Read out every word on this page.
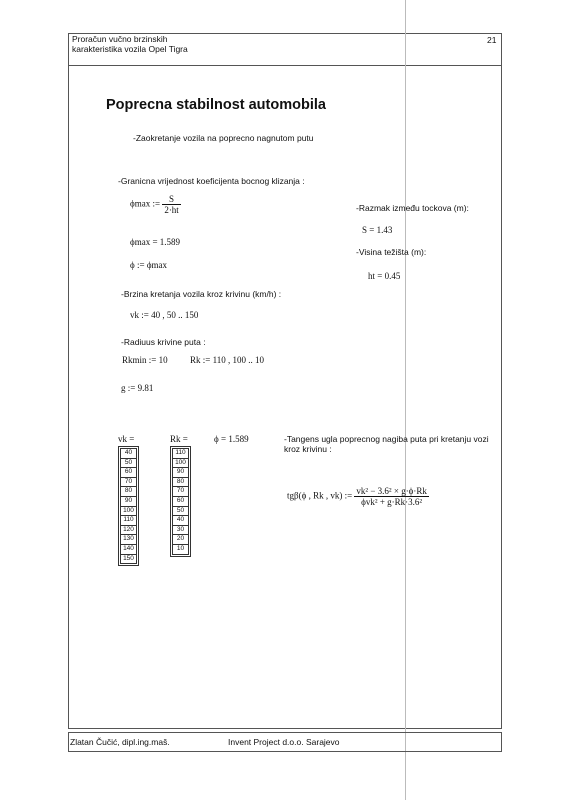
Proračun vučno brzinskih
karakteristika vozila Opel Tigra
21
Poprecna stabilnost automobila
-Zaokretanje vozila na poprecno nagnutom putu
-Granicna vrijednost koeficijenta bocnog klizanja :
ϕmax := $\frac{S}{2\cdot ht}$
ϕmax = 1.589
ϕ := ϕmax
-Razmak između tockova (m):
S = 1.43
-Visina težišta (m):
ht = 0.45
-Brzina kretanja vozila kroz krivinu (km/h) :
vk := 40 , 50 .. 150
-Radiuus krivine puta :
Rkmin := 10 Rk := 110 , 100 .. 10
g := 9.81
vk =
40
50
60
70
80
90
100
110
120
130
140
150
Rk =
110
100
90
80
70
60
50
40
30
20
10
ϕ = 1.589	-Tangens ugla poprecnog nagiba puta pri kretanju vozi
kroz krivinu :
tgβ(ϕ , Rk , vk) := $\frac{\text{vk² − 3.6² × g·ϕ·Rk}}{\text{ϕvk² + g·Rk·3.6²}}$
Zlatan Čučić, dipl.ing.maš.	Invent Project d.o.o. Sarajevo
